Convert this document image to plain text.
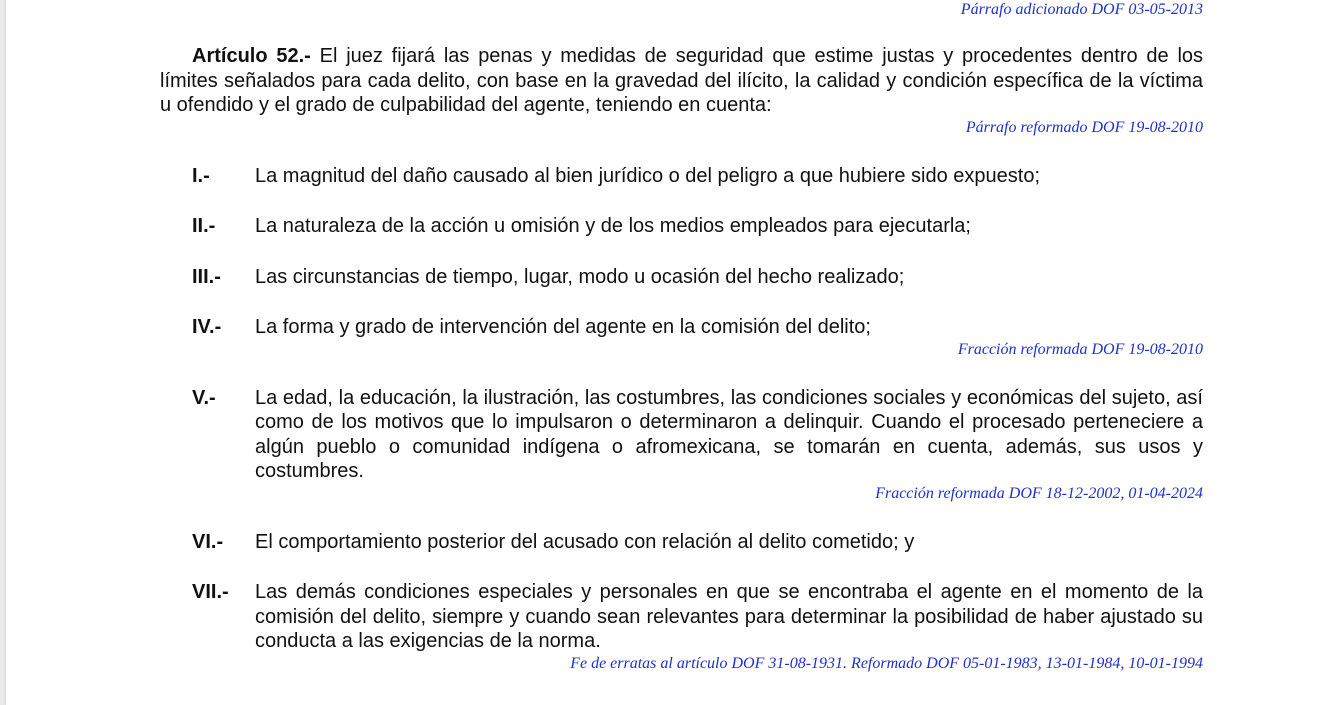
Párrafo adicionado DOF 03-05-2013
Artículo 52.- El juez fijará las penas y medidas de seguridad que estime justas y procedentes dentro de los límites señalados para cada delito, con base en la gravedad del ilícito, la calidad y condición específica de la víctima u ofendido y el grado de culpabilidad del agente, teniendo en cuenta:
Párrafo reformado DOF 19-08-2010
I.-	La magnitud del daño causado al bien jurídico o del peligro a que hubiere sido expuesto;
II.-	La naturaleza de la acción u omisión y de los medios empleados para ejecutarla;
III.-	Las circunstancias de tiempo, lugar, modo u ocasión del hecho realizado;
IV.-	La forma y grado de intervención del agente en la comisión del delito;
Fracción reformada DOF 19-08-2010
V.-	La edad, la educación, la ilustración, las costumbres, las condiciones sociales y económicas del sujeto, así como de los motivos que lo impulsaron o determinaron a delinquir. Cuando el procesado perteneciere a algún pueblo o comunidad indígena o afromexicana, se tomarán en cuenta, además, sus usos y costumbres.
Fracción reformada DOF 18-12-2002, 01-04-2024
VI.-	El comportamiento posterior del acusado con relación al delito cometido; y
VII.-	Las demás condiciones especiales y personales en que se encontraba el agente en el momento de la comisión del delito, siempre y cuando sean relevantes para determinar la posibilidad de haber ajustado su conducta a las exigencias de la norma.
Fe de erratas al artículo DOF 31-08-1931. Reformado DOF 05-01-1983, 13-01-1984, 10-01-1994
